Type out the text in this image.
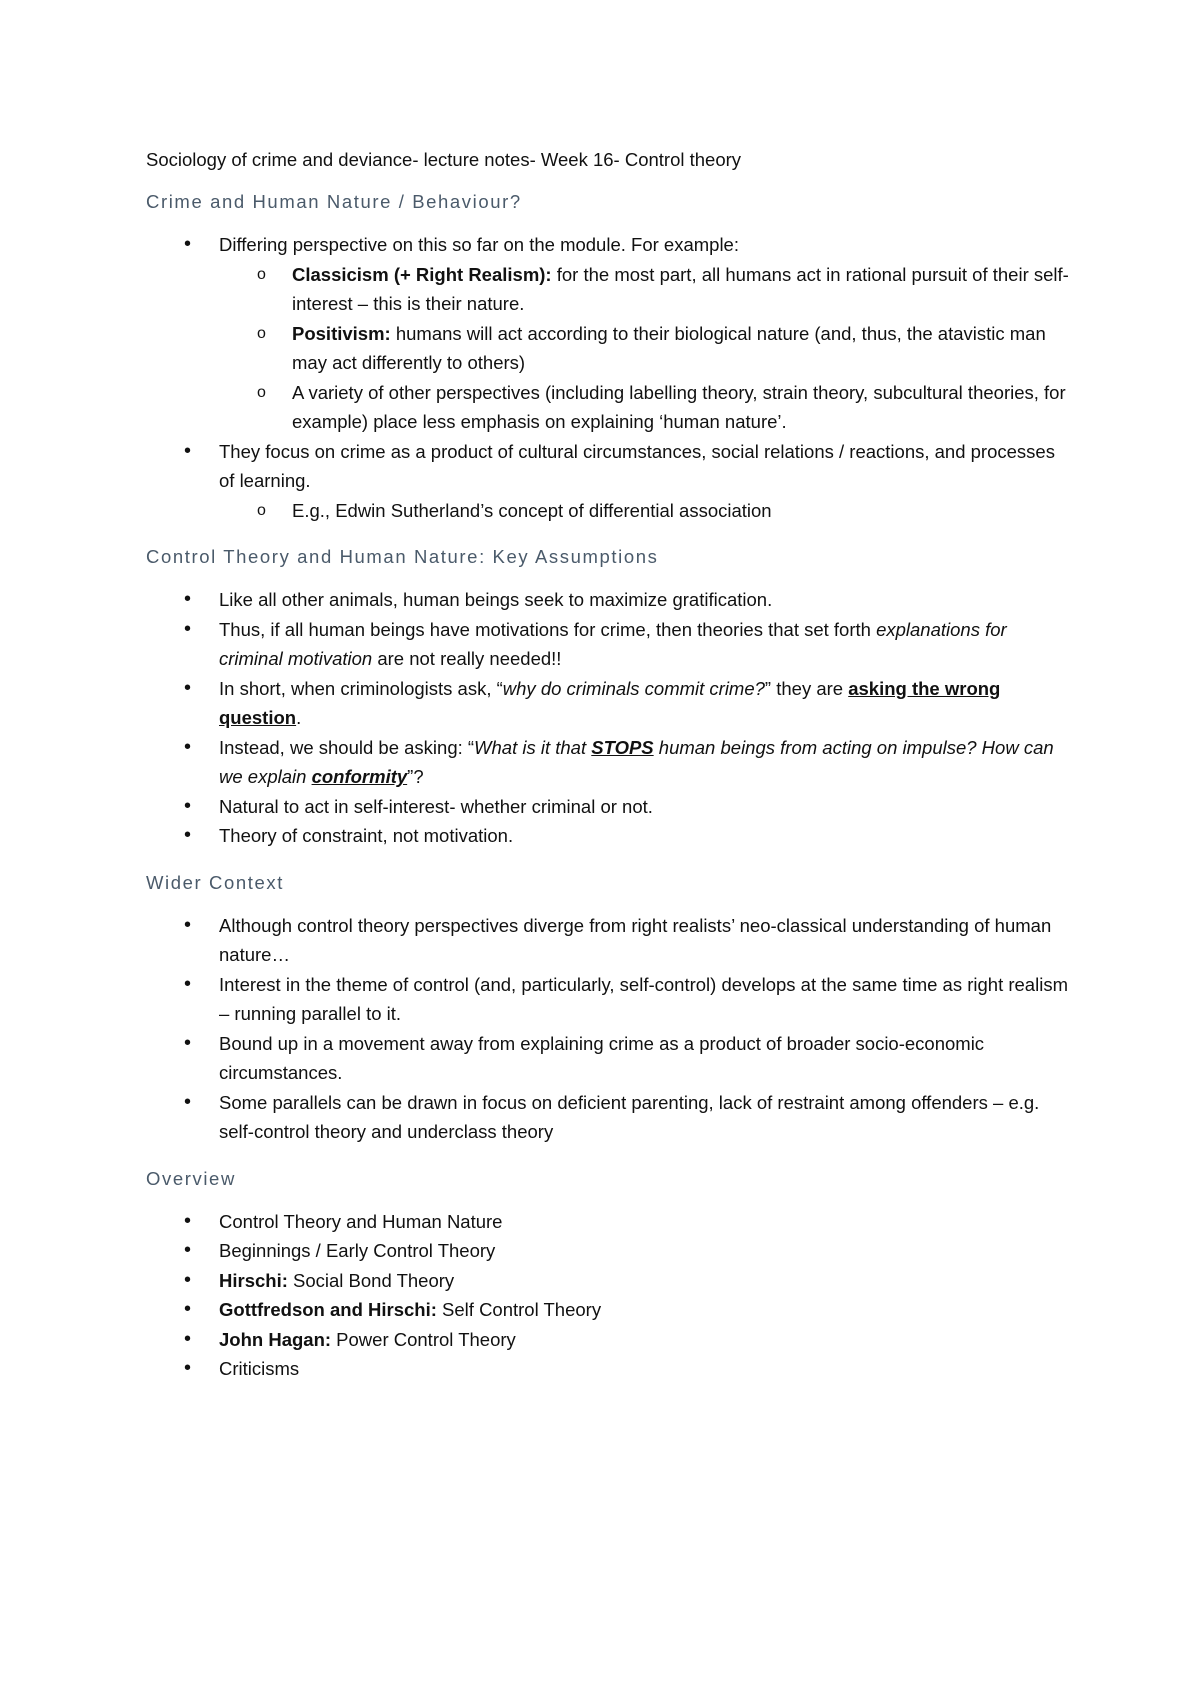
Sociology of crime and deviance- lecture notes- Week 16- Control theory

Crime and Human Nature / Behaviour?
• Differing perspective on this so far on the module. For example:
o Classicism (+ Right Realism): for the most part, all humans act in rational pursuit of their self-interest – this is their nature.
o Positivism: humans will act according to their biological nature (and, thus, the atavistic man may act differently to others)
o A variety of other perspectives (including labelling theory, strain theory, subcultural theories, for example) place less emphasis on explaining ‘human nature’.
• They focus on crime as a product of cultural circumstances, social relations / reactions, and processes of learning.
o E.g., Edwin Sutherland’s concept of differential association
Control Theory and Human Nature: Key Assumptions
• Like all other animals, human beings seek to maximize gratification.
• Thus, if all human beings have motivations for crime, then theories that set forth explanations for criminal motivation are not really needed!!
• In short, when criminologists ask, “why do criminals commit crime?” they are asking the wrong question.
• Instead, we should be asking: “What is it that STOPS human beings from acting on impulse? How can we explain conformity”?
• Natural to act in self-interest- whether criminal or not.
• Theory of constraint, not motivation.
Wider Context
• Although control theory perspectives diverge from right realists’ neo-classical understanding of human nature…
• Interest in the theme of control (and, particularly, self-control) develops at the same time as right realism – running parallel to it.
• Bound up in a movement away from explaining crime as a product of broader socio-economic circumstances.
• Some parallels can be drawn in focus on deficient parenting, lack of restraint among offenders – e.g. self-control theory and underclass theory
Overview
• Control Theory and Human Nature
• Beginnings / Early Control Theory
• Hirschi: Social Bond Theory
• Gottfredson and Hirschi: Self Control Theory
• John Hagan: Power Control Theory
• Criticisms
